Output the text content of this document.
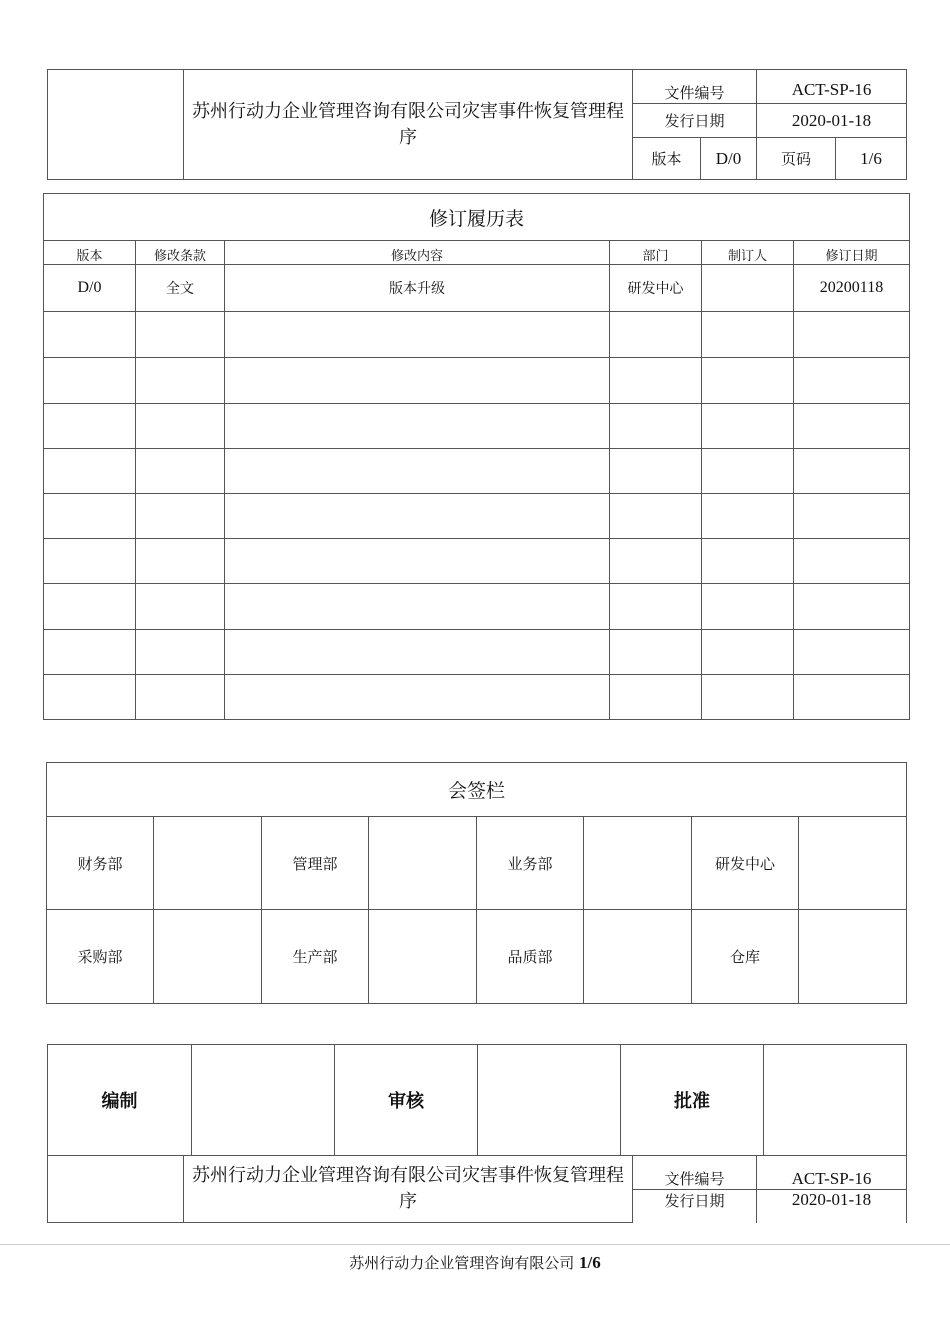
	苏州行动力企业管理咨询有限公司灾害事件恢复管理程序	文件编号		ACT-SP-16	
		发行日期		2020-01-18	
		版本	D/0	页码	1/6
修订履历表					
版本	修改条款	修改内容	部门	制订人	修订日期
D/0	全文	版本升级	研发中心		20200118

会签栏							
财务部		管理部		业务部		研发中心	
采购部		生产部		品质部		仓库	
编制		审核		批准	
	苏州行动力企业管理咨询有限公司灾害事件恢复管理程序	文件编号	ACT-SP-16
		发行日期	2020-01-18
苏州行动力企业管理咨询有限公司 1/6
